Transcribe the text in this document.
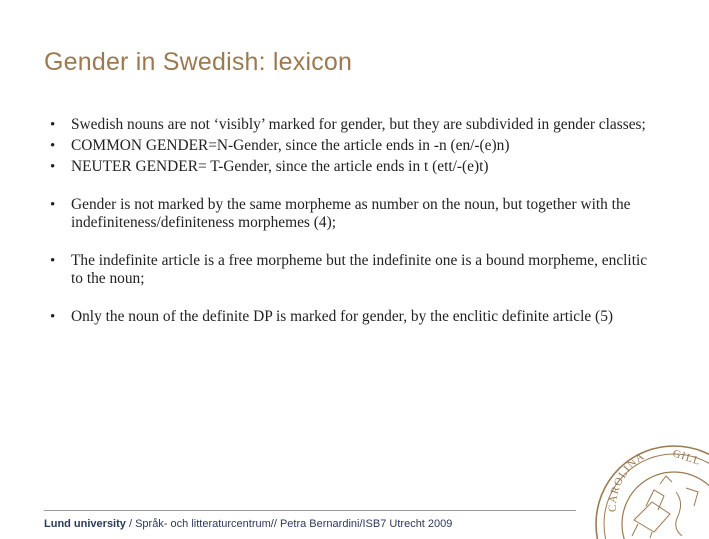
Gender in Swedish: lexicon
• Swedish nouns are not ‘visibly’ marked for gender, but they are subdivided in gender classes;
• COMMON GENDER=N-Gender, since the article ends in -n (en/-(e)n)
• NEUTER GENDER= T-Gender, since the article ends in t (ett/-(e)t)
• Gender is not marked by the same morpheme as number on the noun, but together with the indefiniteness/definiteness morphemes (4);
• The indefinite article is a free morpheme but the indefinite one is a bound morpheme, enclitic to the noun;
• Only the noun of the definite DP is marked for gender, by the enclitic definite article (5)
Lund university / Språk- och litteraturcentrum// Petra Bernardini/ISB7 Utrecht 2009
CAROLINA GILL
